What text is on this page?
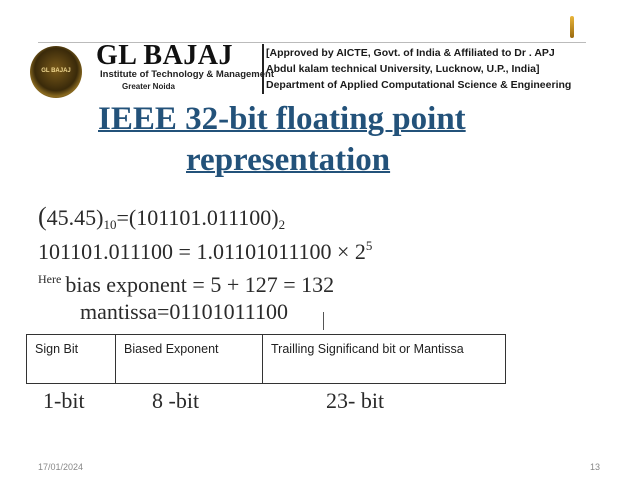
GL BAJAJ GL BAJAJ
Institute of Technology & Management
Greater Noida
[Approved by AICTE, Govt. of India & Affiliated to Dr . APJ
Abdul kalam technical University, Lucknow, U.P., India]
Department of Applied Computational Science & Engineering
IEEE 32-bit floating point
representation
$(45.45)_{10}=(101101.011100)_2$
$101101.011100 = 1.01101011100 \times 2^5$
$^{Here}$ bias exponent = 5 + 127 = 132
mantissa=01101011100
Sign Bit	Biased Exponent	Trailling Significand bit or Mantissa
1-bit	8 -bit	23- bit
17/01/2024	13
